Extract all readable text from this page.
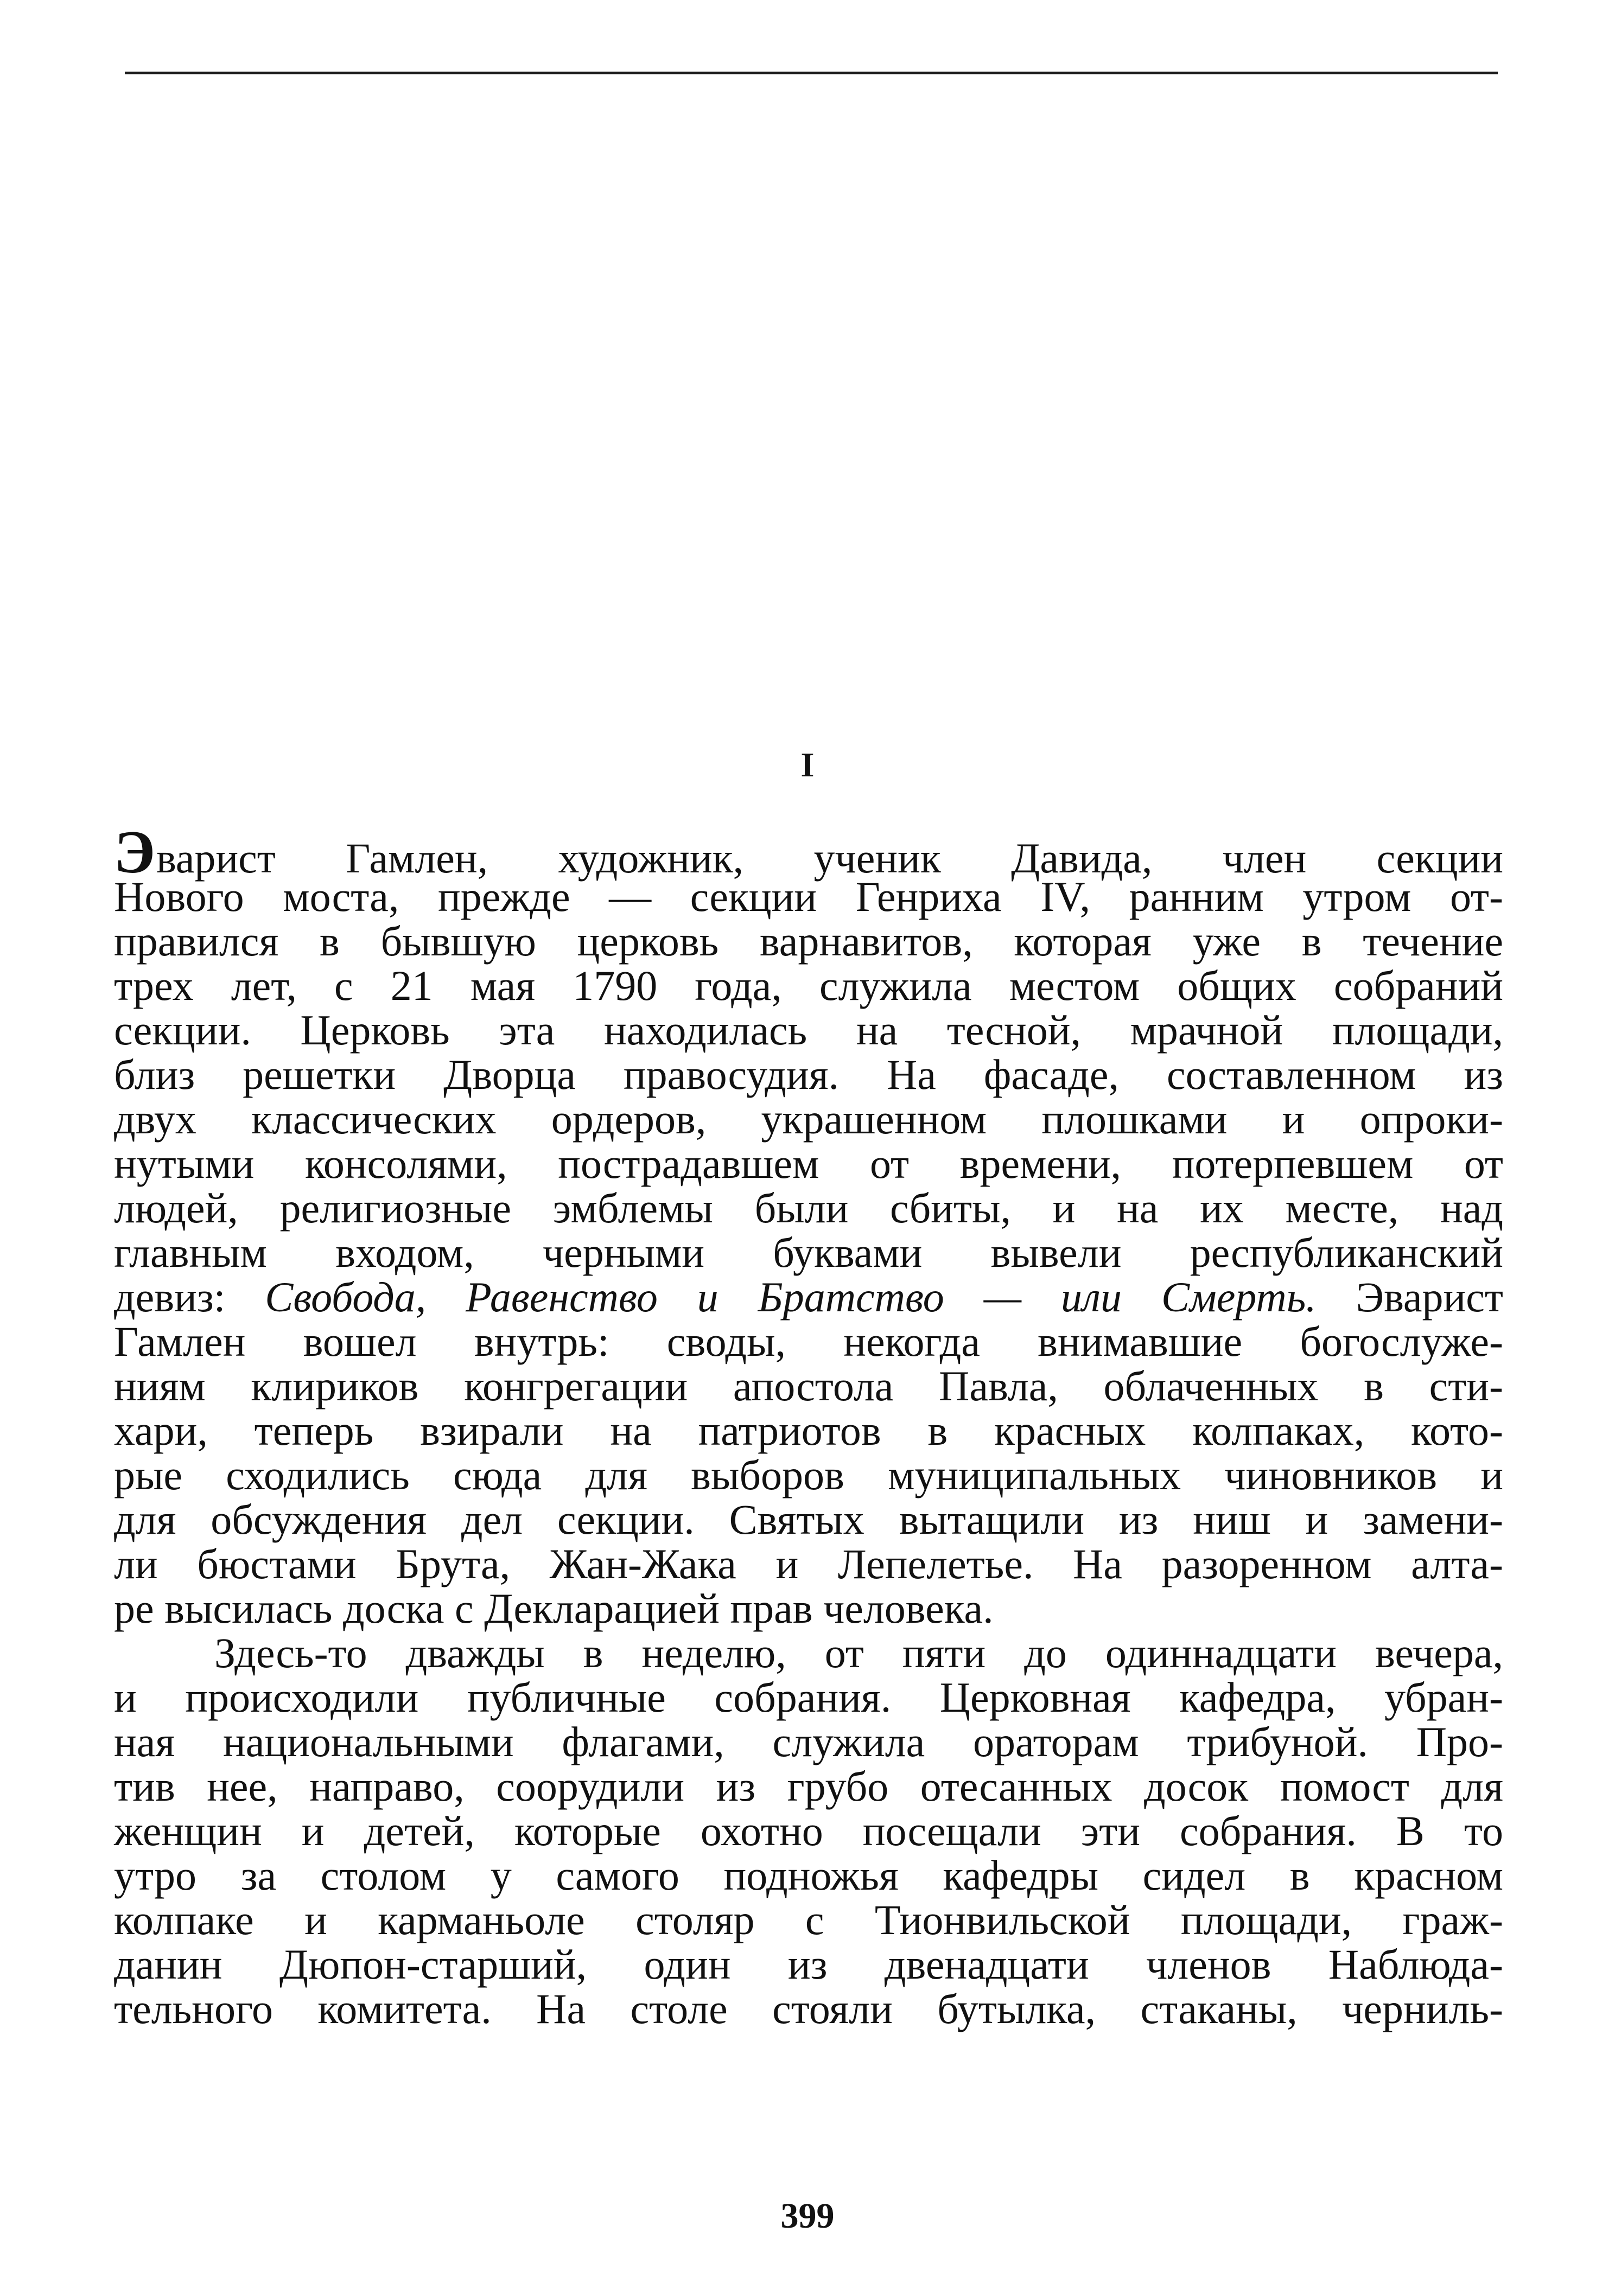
I
Эварист Гамлен, художник, ученик Давида, член секции
Нового моста, прежде — секции Генриха IV, ранним утром от-
правился в бывшую церковь варнавитов, которая уже в течение
трех лет, с 21 мая 1790 года, служила местом общих собраний
секции. Церковь эта находилась на тесной, мрачной площади,
близ решетки Дворца правосудия. На фасаде, составленном из
двух классических ордеров, украшенном плошками и опроки-
нутыми консолями, пострадавшем от времени, потерпевшем от
людей, религиозные эмблемы были сбиты, и на их месте, над
главным входом, черными буквами вывели республиканский
девиз: Свобода, Равенство и Братство — или Смерть. Эварист
Гамлен вошел внутрь: своды, некогда внимавшие богослуже-
ниям клириков конгрегации апостола Павла, облаченных в сти-
хари, теперь взирали на патриотов в красных колпаках, кото-
рые сходились сюда для выборов муниципальных чиновников и
для обсуждения дел секции. Святых вытащили из ниш и замени-
ли бюстами Брута, Жан-Жака и Лепелетье. На разоренном алта-
ре высилась доска с Декларацией прав человека.
Здесь-то дважды в неделю, от пяти до одиннадцати вечера,
и происходили публичные собрания. Церковная кафедра, убран-
ная национальными флагами, служила ораторам трибуной. Про-
тив нее, направо, соорудили из грубо отесанных досок помост для
женщин и детей, которые охотно посещали эти собрания. В то
утро за столом у самого подножья кафедры сидел в красном
колпаке и карманьоле столяр с Тионвильской площади, граж-
данин Дюпон-старший, один из двенадцати членов Наблюда-
тельного комитета. На столе стояли бутылка, стаканы, черниль-
399
